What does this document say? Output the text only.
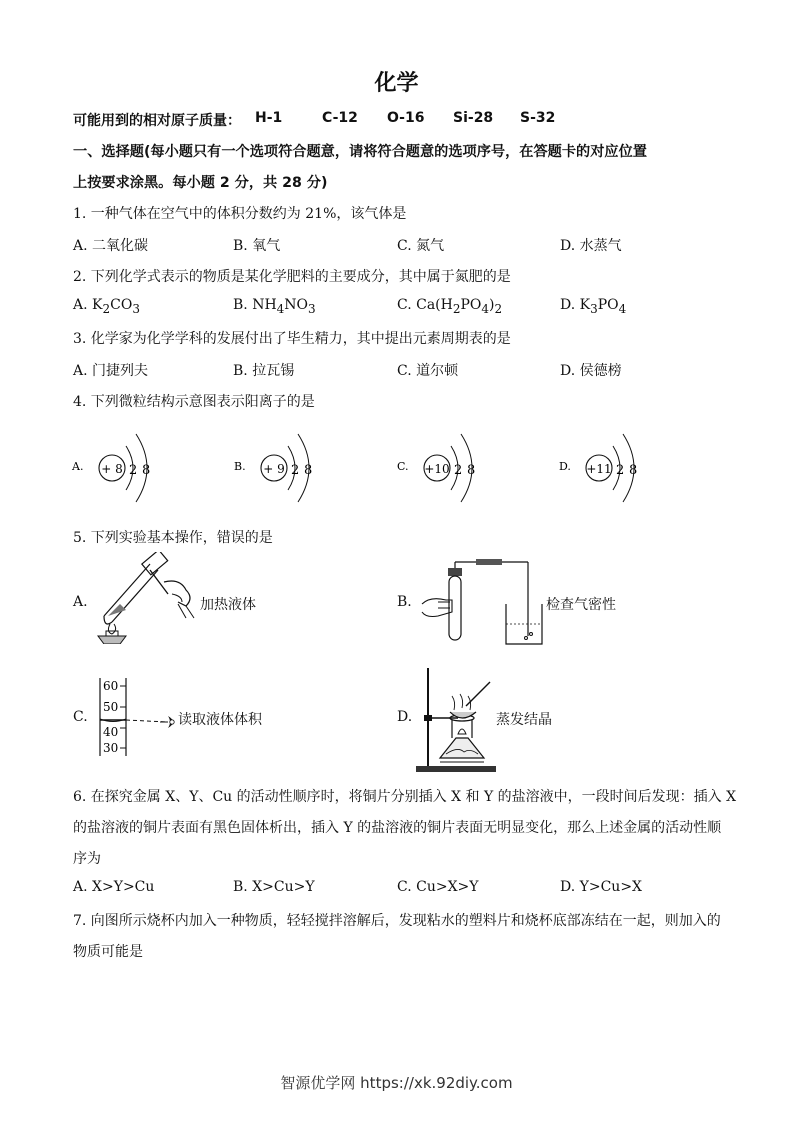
化学
可能用到的相对原子质量： H-1	C-12 O-16 Si-28 S-32
一、选择题(每小题只有一个选项符合题意，请将符合题意的选项序号，在答题卡的对应位置
上按要求涂黑。每小题 2 分，共 28 分)
1. 一种气体在空气中的体积分数约为 21%，该气体是
A. 二氧化碳	B. 氧气	C. 氮气	D. 水蒸气
2. 下列化学式表示的物质是某化学肥料的主要成分，其中属于氮肥的是
A. $K_2CO_3$	B. $NH_4NO_3$	C. $Ca(H_2PO_4)_2$	D. $K_3PO_4$
3. 化学家为化学学科的发展付出了毕生精力，其中提出元素周期表的是
A. 门捷列夫	B. 拉瓦锡	C. 道尔顿	D. 侯德榜
4. 下列微粒结构示意图表示阳离子的是
A. + 8 2 8	B. + 9 2 8	C. +10 2 8	D. +11 2 8
5. 下列实验基本操作，错误的是
A.	加热液体	B.	检查气密性
C.
60
50
40
30
读取液体体积	D.	蒸发结晶
6. 在探究金属 X、Y、Cu 的活动性顺序时，将铜片分别插入 X 和 Y 的盐溶液中，一段时间后发现：插入 X
的盐溶液的铜片表面有黑色固体析出，插入 Y 的盐溶液的铜片表面无明显变化，那么上述金属的活动性顺
序为
A. X>Y>Cu	B. X>Cu>Y	C. Cu>X>Y	D. Y>Cu>X
7. 向图所示烧杯内加入一种物质，轻轻搅拌溶解后，发现粘水的塑料片和烧杯底部冻结在一起，则加入的
物质可能是
智源优学网 https://xk.92diy.com
